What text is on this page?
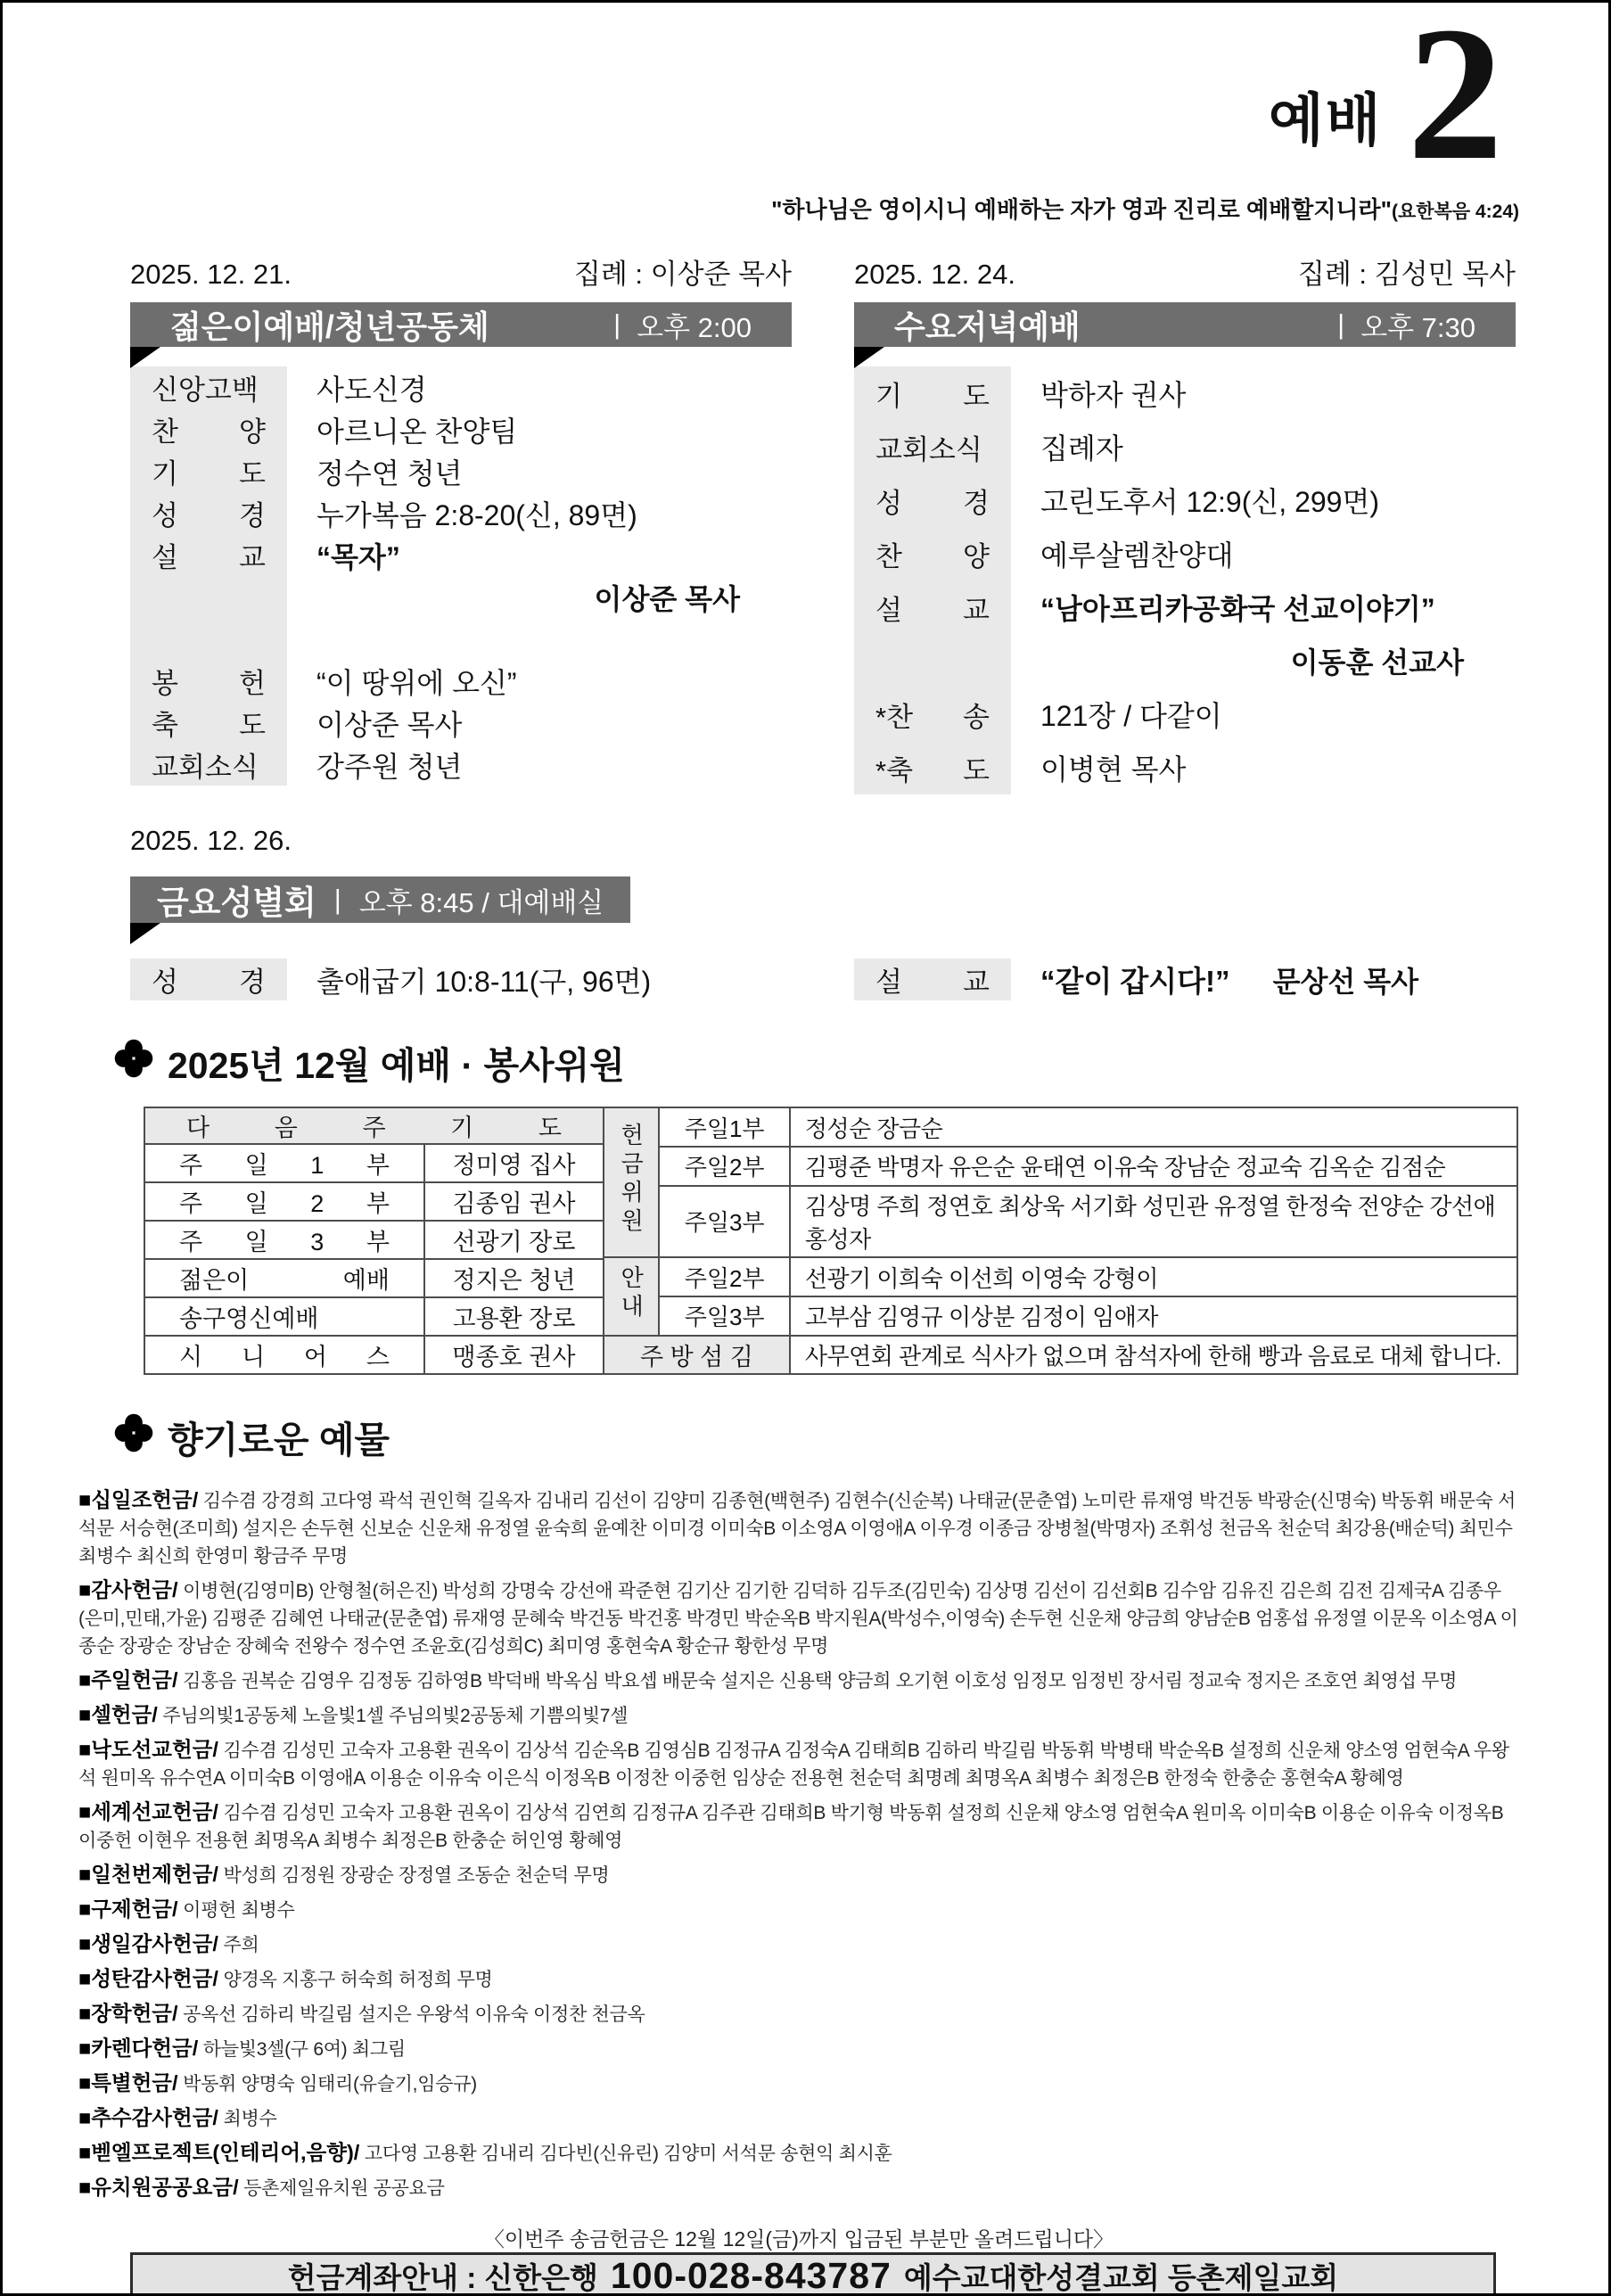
예배 2
"하나님은 영이시니 예배하는 자가 영과 진리로 예배할지니라"(요한복음 4:24)
2025. 12. 21.	집례 : 이상준 목사
젊은이예배/청년공동체	| 오후 2:00
신앙고백 사도신경
찬 양 아르니온 찬양팀
기 도 정수연 청년
성 경 누가복음 2:8-20(신, 89면)
설 교 “목자”
이상준 목사
봉 헌 “이 땅위에 오신”
축 도 이상준 목사
교회소식 강주원 청년
2025. 12. 24.	집례 : 김성민 목사
수요저녁예배	| 오후 7:30
기 도 박하자 권사
교회소식 집례자
성 경 고린도후서 12:9(신, 299면)
찬 양 예루살렘찬양대
설 교 “남아프리카공화국 선교이야기”
이동훈 선교사
*찬 송 121장 / 다같이
*축 도 이병현 목사
2025. 12. 26.
금요성별회 | 오후 8:45 / 대예배실
성 경 출애굽기 10:8-11(구, 96면)	설 교 “같이 갑시다!” 문상선 목사
2025년 12월 예배 · 봉사위원
다 음 주 기 도	

주 일 1 부	정미영 집사

주 일 2 부	김종임 권사

주 일 3 부	선광기 장로

젊은이 예배	정지은 청년

송구영신예배	고용환 장로

시 니 어 스	맹종호 권사
헌금위원	주일1부	정성순 장금순
	주일2부	김평준 박명자 유은순 윤태연 이유숙 장남순 정교숙 김옥순 김점순
	주일3부	김상명 주희 정연호 최상욱 서기화 성민관 유정열 한정숙 전양순 강선애 홍성자
안내	주일2부	선광기 이희숙 이선희 이영숙 강형이
	주일3부	고부삼 김영규 이상분 김정이 임애자

주 방 섬 김		사무연회 관계로 식사가 없으며 참석자에 한해 빵과 음료로 대체 합니다.
향기로운 예물

■십일조헌금/ 김수겸 강경희 고다영 곽석 권인혁 길옥자 김내리 김선이 김양미 김종현(백현주) 김현수(신순복) 나태균(문춘엽) 노미란 류재영 박건동 박광순(신명숙) 박동휘 배문숙 서석문 서승현(조미희) 설지은 손두현 신보순 신운채 유정열 윤숙희 윤예찬 이미경 이미숙B 이소영A 이영애A 이우경 이종금 장병철(박명자) 조휘성 천금옥 천순덕 최강용(배순덕) 최민수 최병수 최신희 한영미 황금주 무명

■감사헌금/ 이병현(김영미B) 안형철(허은진) 박성희 강명숙 강선애 곽준현 김기산 김기한 김덕하 김두조(김민숙) 김상명 김선이 김선회B 김수암 김유진 김은희 김전 김제국A 김종우(은미,민태,가윤) 김평준 김혜연 나태균(문춘엽) 류재영 문혜숙 박건동 박건홍 박경민 박순옥B 박지원A(박성수,이영숙) 손두현 신운채 양금희 양남순B 엄홍섭 유정열 이문옥 이소영A 이종순 장광순 장남순 장혜숙 전왕수 정수연 조윤호(김성희C) 최미영 홍현숙A 황순규 황한성 무명

■주일헌금/ 김홍음 권복순 김영우 김정동 김하영B 박덕배 박옥심 박요셉 배문숙 설지은 신용택 양금희 오기현 이호성 임정모 임정빈 장서림 정교숙 정지은 조호연 최영섭 무명

■셀헌금/ 주님의빛1공동체 노을빛1셀 주님의빛2공동체 기쁨의빛7셀

■낙도선교헌금/ 김수겸 김성민 고숙자 고용환 권옥이 김상석 김순옥B 김영심B 김정규A 김정숙A 김태희B 김하리 박길림 박동휘 박병태 박순옥B 설정희 신운채 양소영 엄현숙A 우왕석 원미옥 유수연A 이미숙B 이영애A 이용순 이유숙 이은식 이정옥B 이정찬 이중헌 임상순 전용현 천순덕 최명례 최명옥A 최병수 최정은B 한정숙 한충순 홍현숙A 황혜영

■세계선교헌금/ 김수겸 김성민 고숙자 고용환 권옥이 김상석 김연희 김정규A 김주관 김태희B 박기형 박동휘 설정희 신운채 양소영 엄현숙A 원미옥 이미숙B 이용순 이유숙 이정옥B 이중헌 이현우 전용현 최명옥A 최병수 최정은B 한충순 허인영 황혜영

■일천번제헌금/ 박성희 김정원 장광순 장정열 조동순 천순덕 무명

■구제헌금/ 이평헌 최병수

■생일감사헌금/ 주희

■성탄감사헌금/ 양경옥 지홍구 허숙희 허정희 무명

■장학헌금/ 공옥선 김하리 박길림 설지은 우왕석 이유숙 이정찬 천금옥

■카렌다헌금/ 하늘빛3셀(구 6여) 최그림

■특별헌금/ 박동휘 양명숙 임태리(유슬기,임승규)

■추수감사헌금/ 최병수

■벧엘프로젝트(인테리어,음향)/ 고다영 고용환 김내리 김다빈(신유린) 김양미 서석문 송현익 최시훈

■유치원공공요금/ 등촌제일유치원 공공요금

〈이번주 송금헌금은 12월 12일(금)까지 입금된 부분만 올려드립니다〉
헌금계좌안내 : 신한은행 100-028-843787 예수교대한성결교회 등촌제일교회
